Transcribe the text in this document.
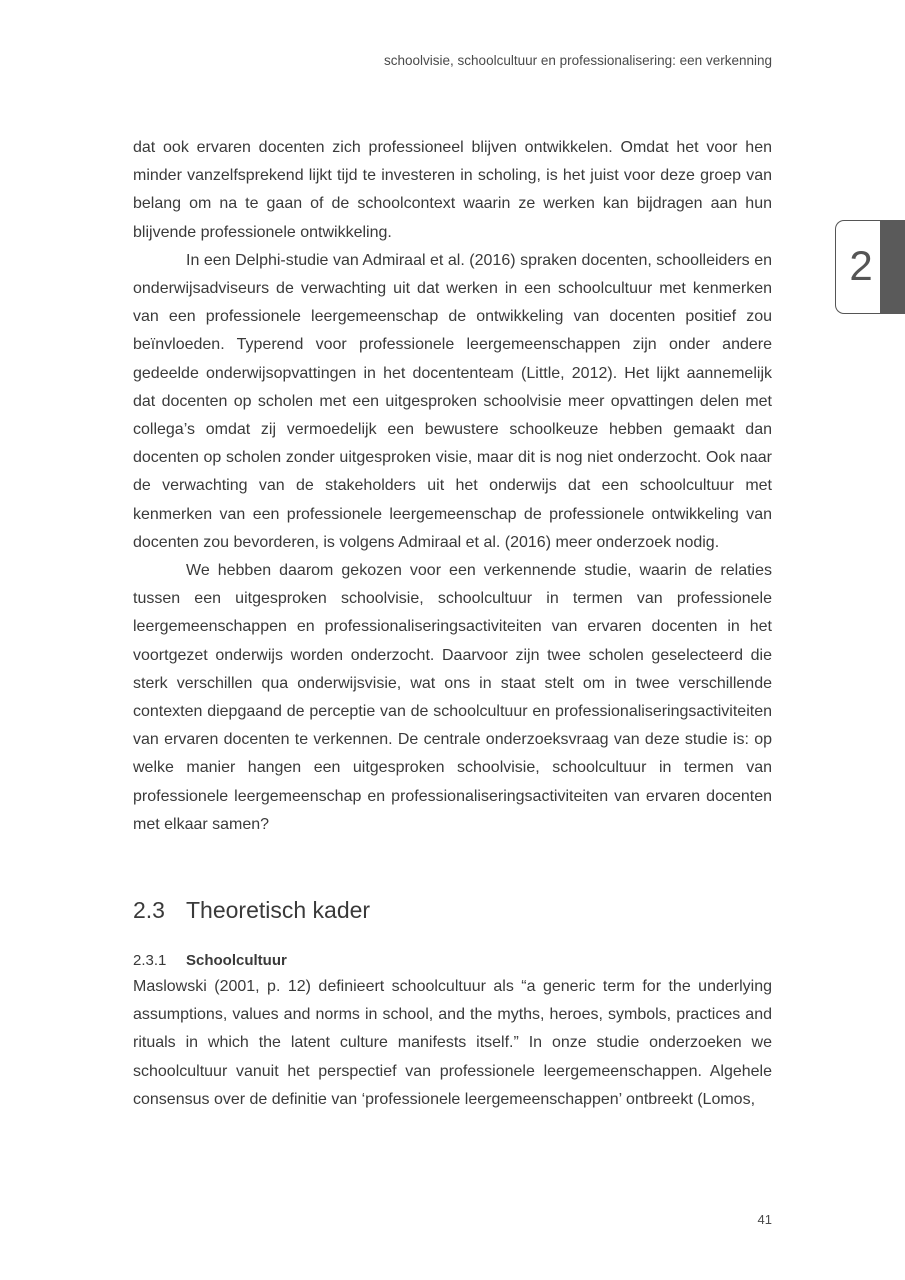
schoolvisie, schoolcultuur en professionalisering: een verkenning
2

dat ook ervaren docenten zich professioneel blijven ontwikkelen. Omdat het voor hen minder vanzelfsprekend lijkt tijd te investeren in scholing, is het juist voor deze groep van belang om na te gaan of de schoolcontext waarin ze werken kan bijdragen aan hun blijvende professionele ontwikkeling.

In een Delphi-studie van Admiraal et al. (2016) spraken docenten, schoolleiders en onderwijsadviseurs de verwachting uit dat werken in een schoolcultuur met kenmerken van een professionele leergemeenschap de ontwikkeling van docenten positief zou beïnvloeden. Typerend voor professionele leergemeenschappen zijn onder andere gedeelde onderwijsopvattingen in het docententeam (Little, 2012). Het lijkt aannemelijk dat docenten op scholen met een uitgesproken schoolvisie meer opvattingen delen met collega’s omdat zij vermoedelijk een bewustere schoolkeuze hebben gemaakt dan docenten op scholen zonder uitgesproken visie, maar dit is nog niet onderzocht. Ook naar de verwachting van de stakeholders uit het onderwijs dat een schoolcultuur met kenmerken van een professionele leergemeenschap de professionele ontwikkeling van docenten zou bevorderen, is volgens Admiraal et al. (2016) meer onderzoek nodig.

We hebben daarom gekozen voor een verkennende studie, waarin de relaties tussen een uitgesproken schoolvisie, schoolcultuur in termen van professionele leergemeenschappen en professionaliseringsactiviteiten van ervaren docenten in het voortgezet onderwijs worden onderzocht. Daarvoor zijn twee scholen geselecteerd die sterk verschillen qua onderwijsvisie, wat ons in staat stelt om in twee verschillende contexten diepgaand de perceptie van de schoolcultuur en professionaliseringsactiviteiten van ervaren docenten te verkennen. De centrale onderzoeksvraag van deze studie is: op welke manier hangen een uitgesproken schoolvisie, schoolcultuur in termen van professionele leergemeenschap en professionaliseringsactiviteiten van ervaren docenten met elkaar samen?

2.3 Theoretisch kader
2.3.1 Schoolcultuur

Maslowski (2001, p. 12) definieert schoolcultuur als “a generic term for the underlying assumptions, values and norms in school, and the myths, heroes, symbols, practices and rituals in which the latent culture manifests itself.” In onze studie onderzoeken we schoolcultuur vanuit het perspectief van professionele leergemeenschappen. Algehele consensus over de definitie van ‘professionele leergemeenschappen’ ontbreekt (Lomos,

41
